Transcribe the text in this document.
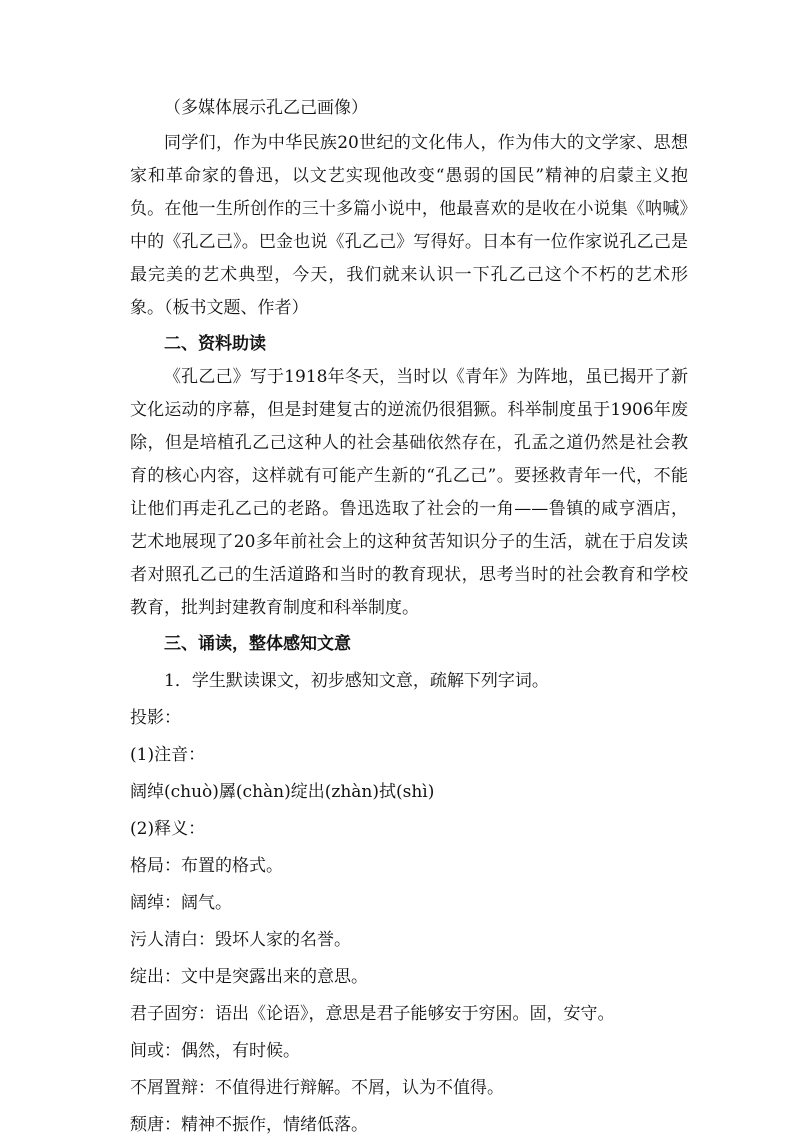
（多媒体展示孔乙己画像）

同学们，作为中华民族20世纪的文化伟人，作为伟大的文学家、思想家和革命家的鲁迅，以文艺实现他改变“愚弱的国民”精神的启蒙主义抱负。在他一生所创作的三十多篇小说中，他最喜欢的是收在小说集《呐喊》中的《孔乙己》。巴金也说《孔乙己》写得好。日本有一位作家说孔乙己是最完美的艺术典型，今天，我们就来认识一下孔乙己这个不朽的艺术形象。（板书文题、作者）

二、资料助读

《孔乙己》写于1918年冬天，当时以《青年》为阵地，虽已揭开了新文化运动的序幕，但是封建复古的逆流仍很猖獗。科举制度虽于1906年废除，但是培植孔乙己这种人的社会基础依然存在，孔孟之道仍然是社会教育的核心内容，这样就有可能产生新的“孔乙己”。要拯救青年一代，不能让他们再走孔乙己的老路。鲁迅选取了社会的一角——鲁镇的咸亨酒店，艺术地展现了20多年前社会上的这种贫苦知识分子的生活，就在于启发读者对照孔乙己的生活道路和当时的教育现状，思考当时的社会教育和学校教育，批判封建教育制度和科举制度。

三、诵读，整体感知文意

1．学生默读课文，初步感知文意，疏解下列字词。

投影：

(1)注音：

阔绰(chuò)羼(chàn)绽出(zhàn)拭(shì)

(2)释义：

格局：布置的格式。

阔绰：阔气。

污人清白：毁坏人家的名誉。

绽出：文中是突露出来的意思。

君子固穷：语出《论语》，意思是君子能够安于穷困。固，安守。

间或：偶然，有时候。

不屑置辩：不值得进行辩解。不屑，认为不值得。

颓唐：精神不振作，情绪低落。
